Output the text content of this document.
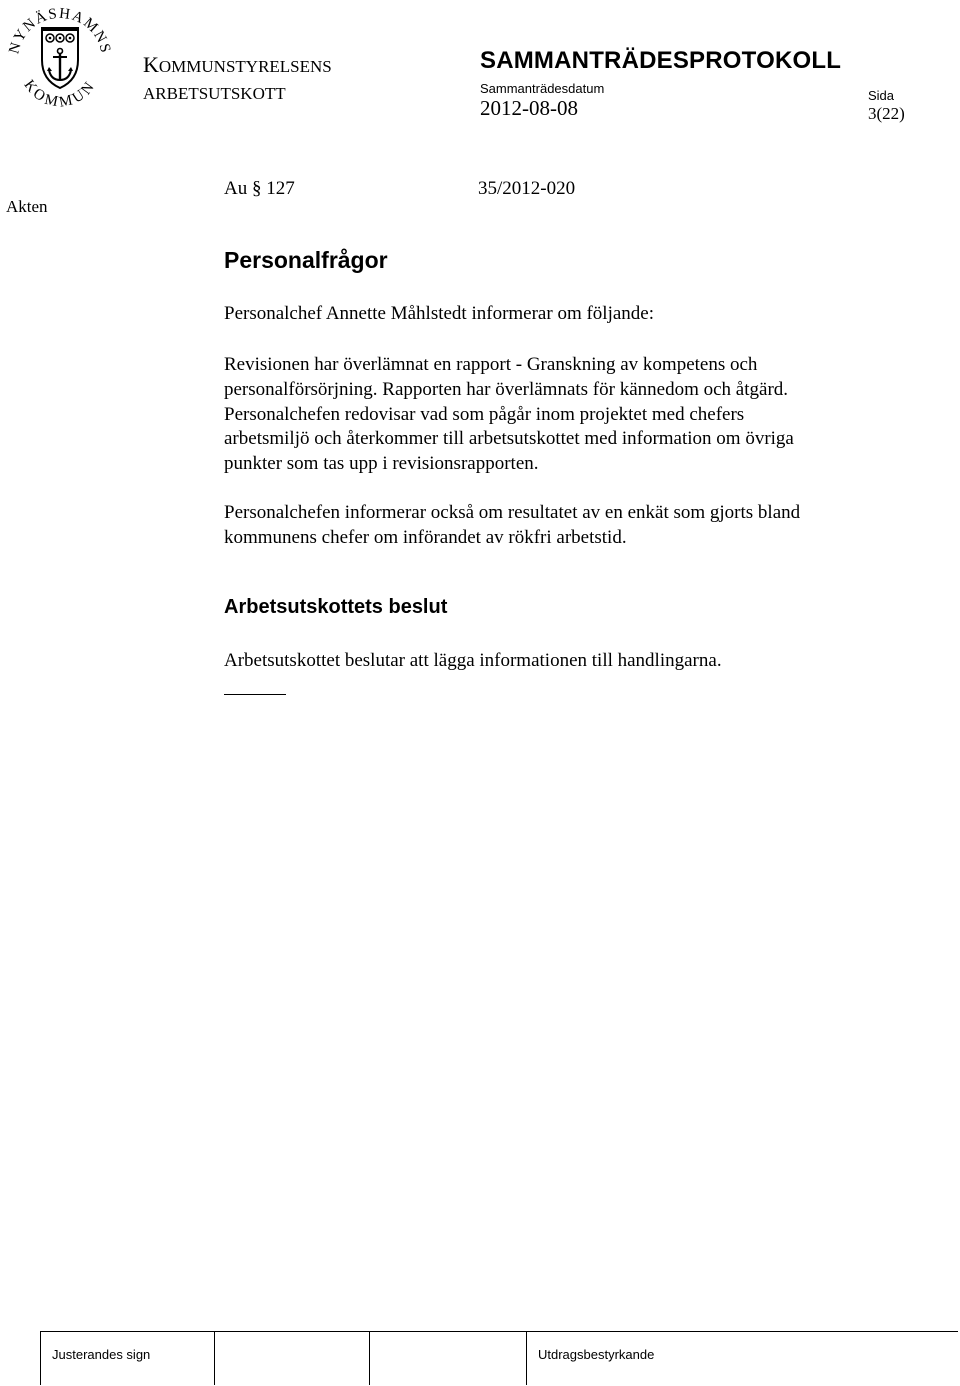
NYNÄSHAMNS
KOMMUN
KOMMUNSTYRELSENS
ARBETSUTSKOTT
SAMMANTRÄDESPROTOKOLL
Sammanträdesdatum
2012-08-08
Sida
3(22)
Akten
Au § 127	35/2012-020
Personalfrågor
Personalchef Annette Måhlstedt informerar om följande:
Revisionen har överlämnat en rapport - Granskning av kompetens och
personalförsörjning. Rapporten har överlämnats för kännedom och åtgärd.
Personalchefen redovisar vad som pågår inom projektet med chefers
arbetsmiljö och återkommer till arbetsutskottet med information om övriga
punkter som tas upp i revisionsrapporten.
Personalchefen informerar också om resultatet av en enkät som gjorts bland
kommunens chefer om införandet av rökfri arbetstid.
Arbetsutskottets beslut
Arbetsutskottet beslutar att lägga informationen till handlingarna.
Justerandes sign	Utdragsbestyrkande
